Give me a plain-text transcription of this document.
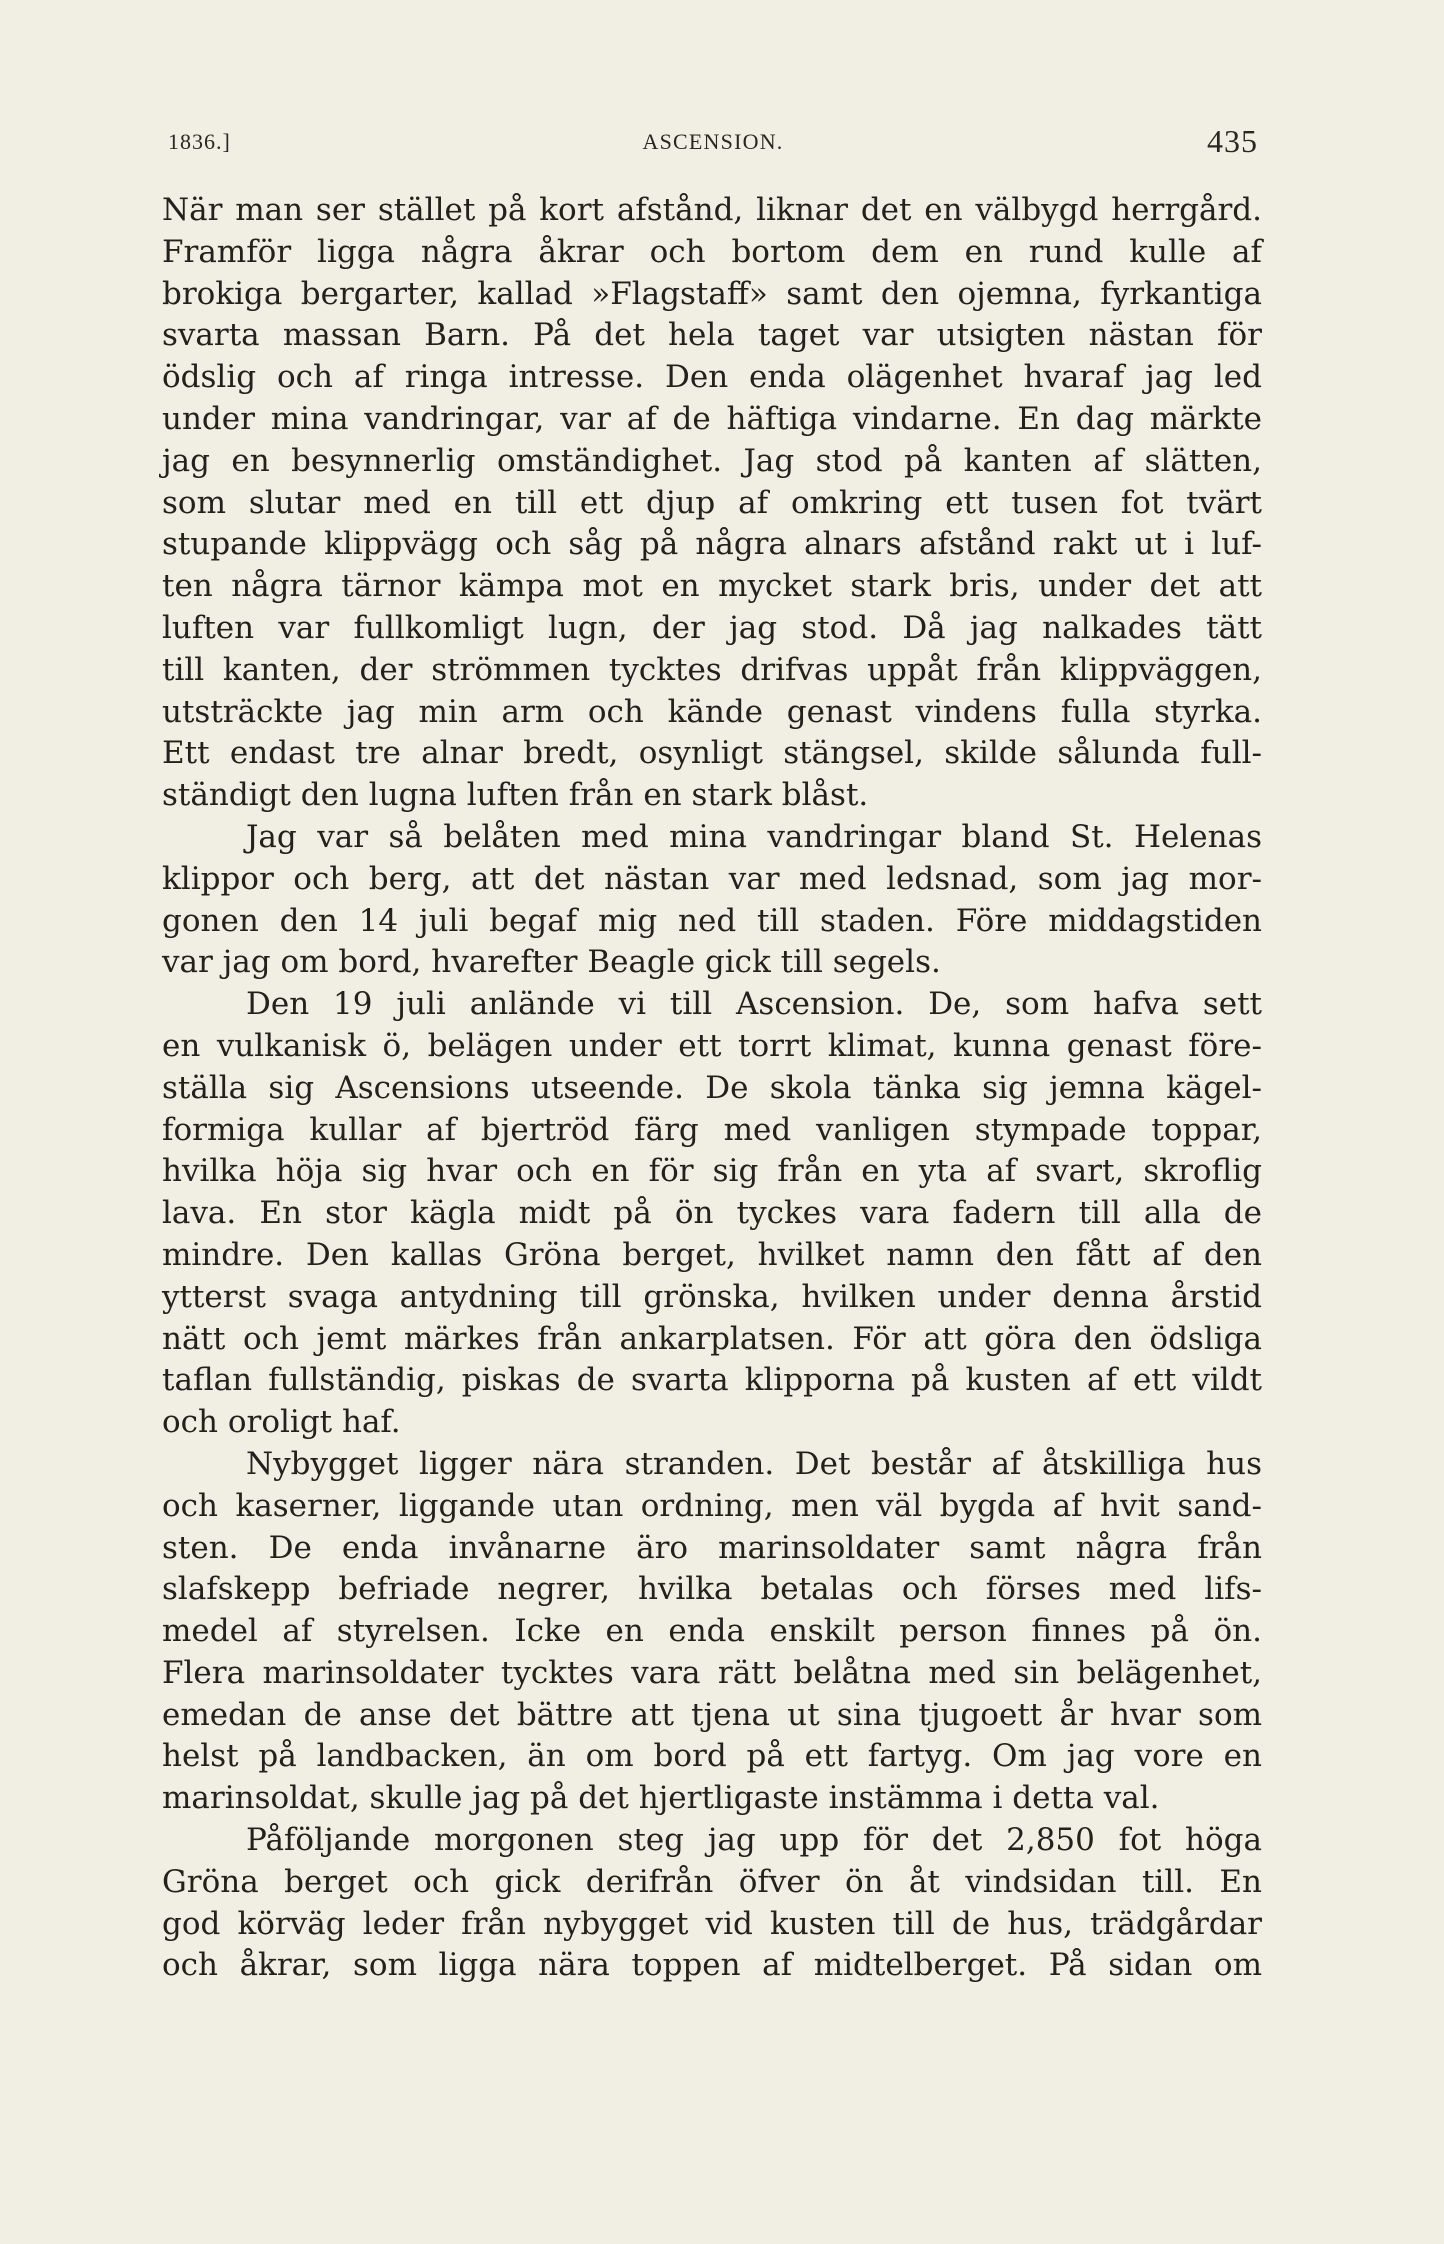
1836.]	ASCENSION.	435
När man ser stället på kort afstånd, liknar det en välbygd herrgård.
Framför ligga några åkrar och bortom dem en rund kulle af
brokiga bergarter, kallad »Flagstaff» samt den ojemna, fyrkantiga
svarta massan Barn. På det hela taget var utsigten nästan för
ödslig och af ringa intresse. Den enda olägenhet hvaraf jag led
under mina vandringar, var af de häftiga vindarne. En dag märkte
jag en besynnerlig omständighet. Jag stod på kanten af slätten,
som slutar med en till ett djup af omkring ett tusen fot tvärt
stupande klippvägg och såg på några alnars afstånd rakt ut i luf-
ten några tärnor kämpa mot en mycket stark bris, under det att
luften var fullkomligt lugn, der jag stod. Då jag nalkades tätt
till kanten, der strömmen tycktes drifvas uppåt från klippväggen,
utsträckte jag min arm och kände genast vindens fulla styrka.
Ett endast tre alnar bredt, osynligt stängsel, skilde sålunda full-
ständigt den lugna luften från en stark blåst.
Jag var så belåten med mina vandringar bland St. Helenas
klippor och berg, att det nästan var med ledsnad, som jag mor-
gonen den 14 juli begaf mig ned till staden. Före middagstiden
var jag om bord, hvarefter Beagle gick till segels.
Den 19 juli anlände vi till Ascension. De, som hafva sett
en vulkanisk ö, belägen under ett torrt klimat, kunna genast före-
ställa sig Ascensions utseende. De skola tänka sig jemna kägel-
formiga kullar af bjertröd färg med vanligen stympade toppar,
hvilka höja sig hvar och en för sig från en yta af svart, skroflig
lava. En stor kägla midt på ön tyckes vara fadern till alla de
mindre. Den kallas Gröna berget, hvilket namn den fått af den
ytterst svaga antydning till grönska, hvilken under denna årstid
nätt och jemt märkes från ankarplatsen. För att göra den ödsliga
taflan fullständig, piskas de svarta klipporna på kusten af ett vildt
och oroligt haf.
Nybygget ligger nära stranden. Det består af åtskilliga hus
och kaserner, liggande utan ordning, men väl bygda af hvit sand-
sten. De enda invånarne äro marinsoldater samt några från
slafskepp befriade negrer, hvilka betalas och förses med lifs-
medel af styrelsen. Icke en enda enskilt person finnes på ön.
Flera marinsoldater tycktes vara rätt belåtna med sin belägenhet,
emedan de anse det bättre att tjena ut sina tjugoett år hvar som
helst på landbacken, än om bord på ett fartyg. Om jag vore en
marinsoldat, skulle jag på det hjertligaste instämma i detta val.
Påföljande morgonen steg jag upp för det 2,850 fot höga
Gröna berget och gick derifrån öfver ön åt vindsidan till. En
god körväg leder från nybygget vid kusten till de hus, trädgårdar
och åkrar, som ligga nära toppen af midtelberget. På sidan om
